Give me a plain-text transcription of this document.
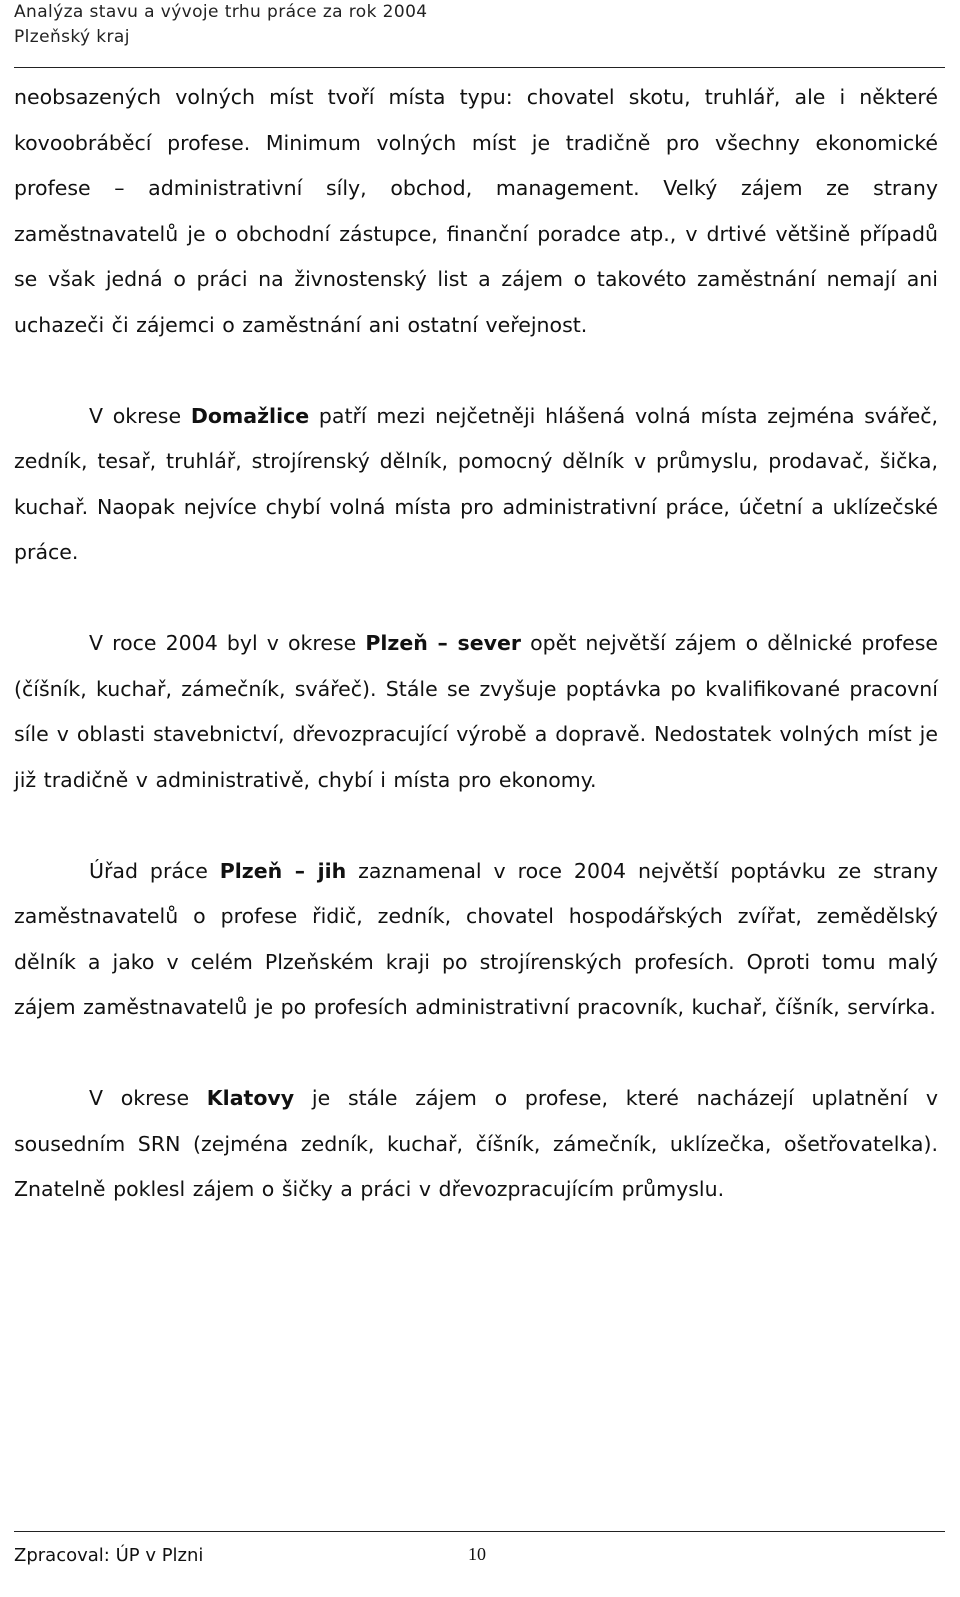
Analýza stavu a vývoje trhu práce za rok 2004
Plzeňský kraj

neobsazených volných míst tvoří místa typu: chovatel skotu, truhlář, ale i některé kovoobráběcí profese. Minimum volných míst je tradičně pro všechny ekonomické profese – administrativní síly, obchod, management. Velký zájem ze strany zaměstnavatelů je o obchodní zástupce, finanční poradce atp., v drtivé většině případů se však jedná o práci na živnostenský list a zájem o takovéto zaměstnání nemají ani uchazeči či zájemci o zaměstnání ani ostatní veřejnost.

V okrese Domažlice patří mezi nejčetněji hlášená volná místa zejména svářeč, zedník, tesař, truhlář, strojírenský dělník, pomocný dělník v průmyslu, prodavač, šička, kuchař. Naopak nejvíce chybí volná místa pro administrativní práce, účetní a uklízečské práce.

V roce 2004 byl v okrese Plzeň – sever opět největší zájem o dělnické profese (číšník, kuchař, zámečník, svářeč). Stále se zvyšuje poptávka po kvalifikované pracovní síle v oblasti stavebnictví, dřevozpracující výrobě a dopravě. Nedostatek volných míst je již tradičně v administrativě, chybí i místa pro ekonomy.

Úřad práce Plzeň – jih zaznamenal v roce 2004 největší poptávku ze strany zaměstnavatelů o profese řidič, zedník, chovatel hospodářských zvířat, zemědělský dělník a jako v celém Plzeňském kraji po strojírenských profesích. Oproti tomu malý zájem zaměstnavatelů je po profesích administrativní pracovník, kuchař, číšník, servírka.

V okrese Klatovy je stále zájem o profese, které nacházejí uplatnění v sousedním SRN (zejména zedník, kuchař, číšník, zámečník, uklízečka, ošetřovatelka). Znatelně poklesl zájem o šičky a práci v dřevozpracujícím průmyslu.

Zpracoval: ÚP v Plzni	10
